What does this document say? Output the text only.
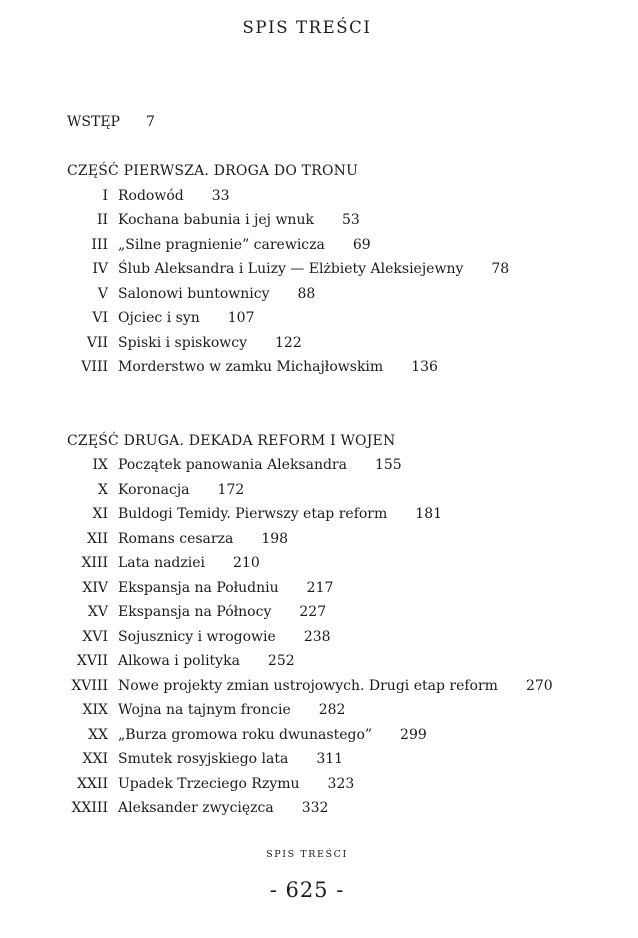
SPIS TREŚCI
WSTĘP 7
CZĘŚĆ PIERWSZA. DROGA DO TRONU
I Rodowód 33
II Kochana babunia i jej wnuk 53
III „Silne pragnienie” carewicza 69
IV Ślub Aleksandra i Luizy — Elżbiety Aleksiejewny 78
V Salonowi buntownicy 88
VI Ojciec i syn 107
VII Spiski i spiskowcy 122
VIII Morderstwo w zamku Michajłowskim 136
CZĘŚĆ DRUGA. DEKADA REFORM I WOJEN
IX Początek panowania Aleksandra 155
X Koronacja 172
XI Buldogi Temidy. Pierwszy etap reform 181
XII Romans cesarza 198
XIII Lata nadziei 210
XIV Ekspansja na Południu 217
XV Ekspansja na Północy 227
XVI Sojusznicy i wrogowie 238
XVII Alkowa i polityka 252
XVIII Nowe projekty zmian ustrojowych. Drugi etap reform 270
XIX Wojna na tajnym froncie 282
XX „Burza gromowa roku dwunastego” 299
XXI Smutek rosyjskiego lata 311
XXII Upadek Trzeciego Rzymu 323
XXIII Aleksander zwycięzca 332
SPIS TREŚCI
- 625 -
